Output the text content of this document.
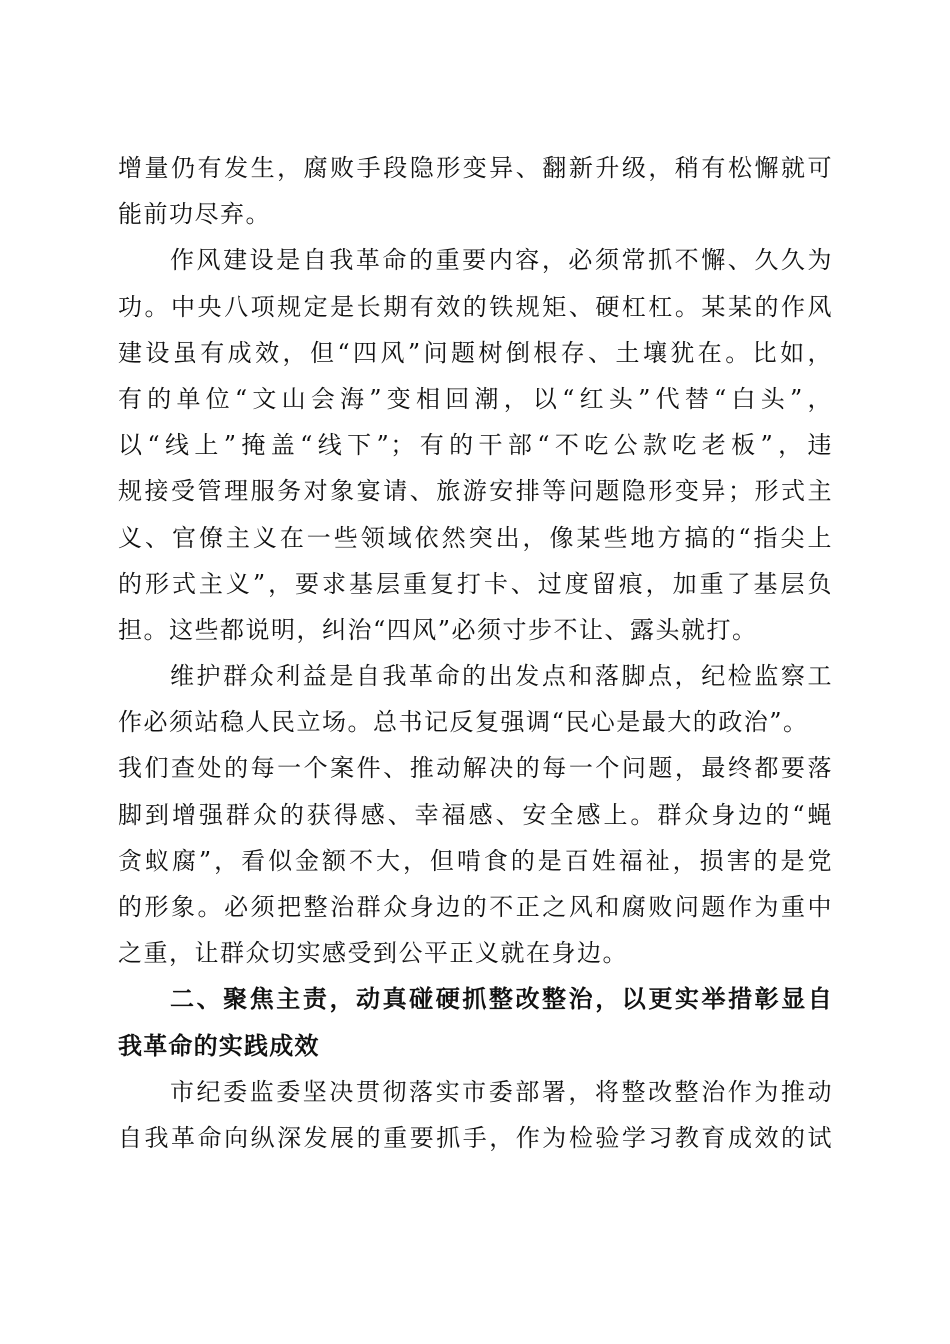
增量仍有发生，腐败手段隐形变异、翻新升级，稍有松懈就可
能前功尽弃。
作风建设是自我革命的重要内容，必须常抓不懈、久久为
功。中央八项规定是长期有效的铁规矩、硬杠杠。某某的作风
建设虽有成效，但“四风”问题树倒根存、土壤犹在。比如，
有的单位“文山会海”变相回潮，以“红头”代替“白头”，
以“线上”掩盖“线下”；有的干部“不吃公款吃老板”，违
规接受管理服务对象宴请、旅游安排等问题隐形变异；形式主
义、官僚主义在一些领域依然突出，像某些地方搞的“指尖上
的形式主义”，要求基层重复打卡、过度留痕，加重了基层负
担。这些都说明，纠治“四风”必须寸步不让、露头就打。
维护群众利益是自我革命的出发点和落脚点，纪检监察工
作必须站稳人民立场。总书记反复强调“民心是最大的政治”。
我们查处的每一个案件、推动解决的每一个问题，最终都要落
脚到增强群众的获得感、幸福感、安全感上。群众身边的“蝇
贪蚁腐”，看似金额不大，但啃食的是百姓福祉，损害的是党
的形象。必须把整治群众身边的不正之风和腐败问题作为重中
之重，让群众切实感受到公平正义就在身边。
二、聚焦主责，动真碰硬抓整改整治，以更实举措彰显自
我革命的实践成效
市纪委监委坚决贯彻落实市委部署，将整改整治作为推动
自我革命向纵深发展的重要抓手，作为检验学习教育成效的试
